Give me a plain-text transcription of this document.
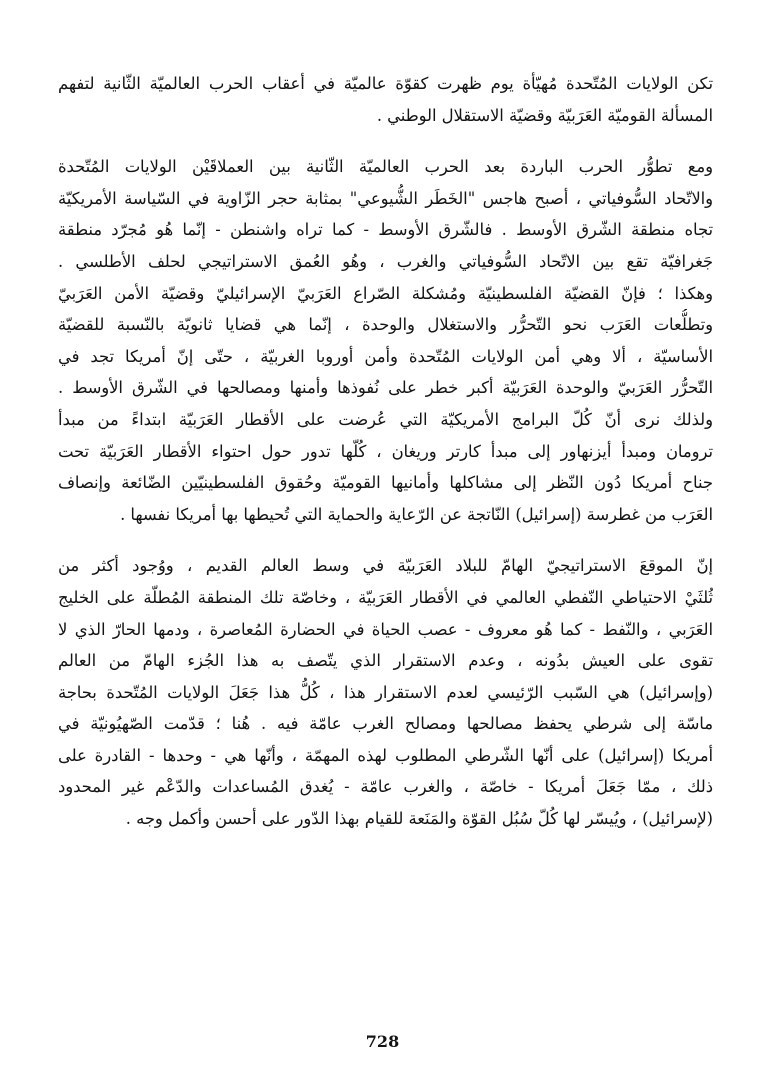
تكن الولايات المُتّحدة مُهيّأة يوم ظهرت كقوّة عالميّة في أعقاب الحرب العالميّة الثّانية لتفهم
المسألة القوميّة العَرَبيّة وقضيّة الاستقلال الوطني .

ومع تطوُّر الحرب الباردة بعد الحرب العالميّة الثّانية بين العملاقَيْن الولايات المُتّحدة
والاتّحاد السُّوفياتي ، أصبح هاجس "الخَطَر الشُّيوعي" بمثابة حجر الزّاوية في السّياسة الأمريكيّة
تجاه منطقة الشّرق الأوسط . فالشّرق الأوسط - كما تراه واشنطن - إنّما هُو مُجرّد منطقة
جَغرافيّة تقع بين الاتّحاد السُّوفياتي والغرب ، وهُو العُمق الاستراتيجي لحلف الأطلسي .
وهكذا ؛ فإنّ القضيّة الفلسطينيّة ومُشكلة الصّراع العَرَبيّ الإسرائيليّ وقضيّة الأمن العَرَبيّ
وتطلُّعات العَرَب نحو التّحرُّر والاستغلال والوحدة ، إنّما هي قضايا ثانويّة بالنّسبة للقضيّة
الأساسيّة ، ألا وهي أمن الولايات المُتّحدة وأمن أوروبا الغربيّة ، حتّى إنّ أمريكا تجد في
التّحرُّر العَرَبيّ والوحدة العَرَبيّة أكبر خطر على نُفوذها وأمنها ومصالحها في الشّرق الأوسط .
ولذلك نرى أنّ كُلّ البرامج الأمريكيّة التي عُرضت على الأقطار العَرَبيّة ابتداءً من مبدأ
ترومان ومبدأ أيزنهاور إلى مبدأ كارتر وريغان ، كُلّها تدور حول احتواء الأقطار العَرَبيّة تحت
جناح أمريكا دُون النّظر إلى مشاكلها وأمانيها القوميّة وحُقوق الفلسطينيّين الضّائعة وإنصاف
العَرَب من غطرسة (إسرائيل) النّاتجة عن الرّعاية والحماية التي تُحيطها بها أمريكا نفسها .

إنّ الموقعَ الاستراتيجيّ الهامّ للبلاد العَرَبيّة في وسط العالم القديم ، ووُجود أكثر من
ثُلثَيْ الاحتياطي النّفطي العالمي في الأقطار العَرَبيّة ، وخاصّة تلك المنطقة المُطلّة على الخليج
العَرَبي ، والنّفط - كما هُو معروف - عصب الحياة في الحضارة المُعاصرة ، ودمها الحارّ الذي لا
تقوى على العيش بدُونه ، وعدم الاستقرار الذي يتّصف به هذا الجُزء الهامّ من العالم
(وإسرائيل) هي السّبب الرّئيسي لعدم الاستقرار هذا ، كُلُّ هذا جَعَلَ الولايات المُتّحدة بحاجة
ماسّة إلى شرطي يحفظ مصالحها ومصالح الغرب عامّة فيه . هُنا ؛ قدّمت الصّهيُونيّة في
أمريكا (إسرائيل) على أنّها الشّرطي المطلوب لهذه المهمّة ، وأنّها هي - وحدها - القادرة على
ذلك ، ممّا جَعَلَ أمريكا - خاصّة ، والغرب عامّة - يُغدق المُساعدات والدّعْم غير المحدود
(لإسرائيل) ، ويُيسّر لها كُلّ سُبُل القوّة والمَنَعة للقيام بهذا الدّور على أحسن وأكمل وجه .

728
